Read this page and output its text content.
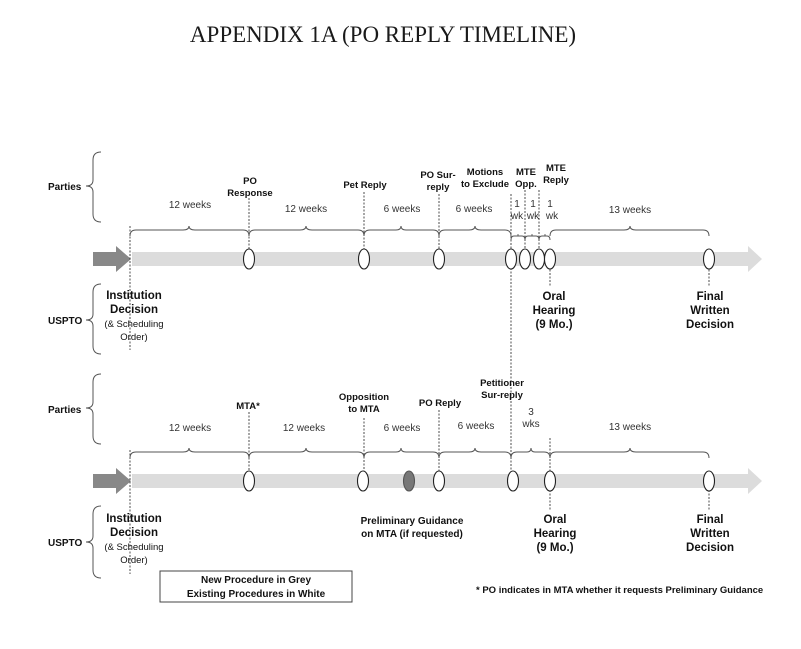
APPENDIX 1A (PO REPLY TIMELINE)
Parties
USPTO
12 weeks	12 weeks	6 weeks	6 weeks 1
wk
1
wk
1
wk
13 weeks
PO
Response
Pet Reply
PO Sur-
reply
Motions
to Exclude
MTE
Opp.
MTE
Reply
Institution
Decision
(& Scheduling
Order)
Oral
Hearing
(9 Mo.)
Final
Written
Decision
Parties
USPTO
12 weeks	12 weeks	6 weeks	6 weeks
3
wks	13 weeks
MTA*
Opposition
to MTA
PO Reply
Petitioner
Sur-reply
Institution
Decision
(& Scheduling
Order)
Preliminary Guidance
on MTA (if requested)
Oral
Hearing
(9 Mo.)
Final
Written
Decision
New Procedure in Grey
Existing Procedures in White	* PO indicates in MTA whether it requests Preliminary Guidance
